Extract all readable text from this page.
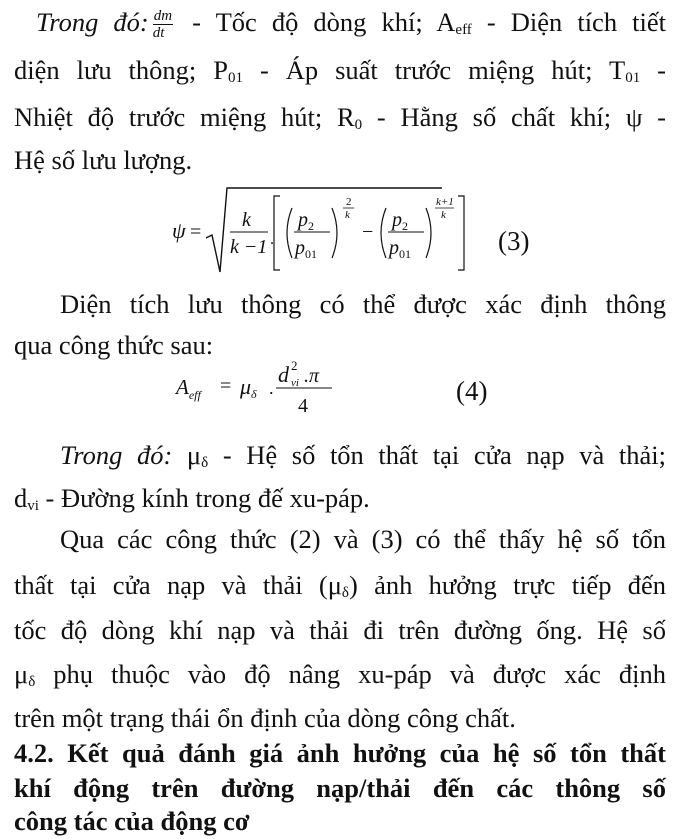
Trong đó: $\frac{dm}{dt}$ - Tốc độ dòng khí; $A_{eff}$ - Diện tích tiết
diện lưu thông; $P_{01}$ - Áp suất trước miệng hút; $T_{01}$ -
Nhiệt độ trước miệng hút; $R_0$ - Hằng số chất khí; ψ -
Hệ số lưu lượng.
ψ =
k
k −1 .
$p_2$
$p_{01}$
2
k
−
$p_2$
$p_{01}$
k+1
k
(3)
Diện tích lưu thông có thể được xác định thông
qua công thức sau:
$A_{eff} = \mu\delta$ .
d 2
vi .π
4	(4)
Trong đó: $\mu_\delta$ - Hệ số tổn thất tại cửa nạp và thải;
$d_{vi}$ - Đường kính trong đế xu-páp.
Qua các công thức (2) và (3) có thể thấy hệ số tổn
thất tại cửa nạp và thải $(\mu_\delta)$ ảnh hưởng trực tiếp đến
tốc độ dòng khí nạp và thải đi trên đường ống. Hệ số
$\mu_\delta$ phụ thuộc vào độ nâng xu-páp và được xác định
trên một trạng thái ổn định của dòng công chất.
4.2. Kết quả đánh giá ảnh hưởng của hệ số tổn thất
khí động trên đường nạp/thải đến các thông số
công tác của động cơ
